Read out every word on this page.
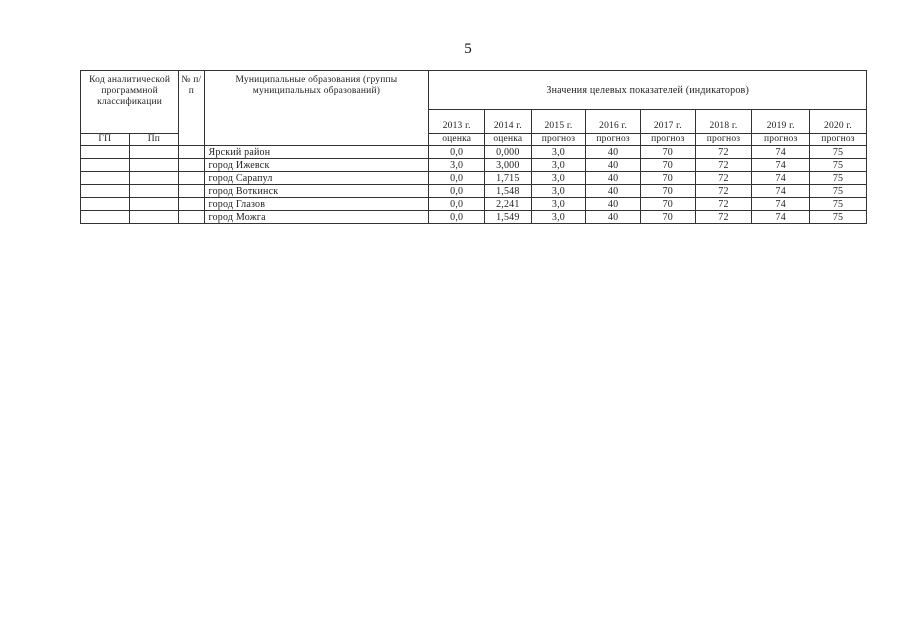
5
Код аналитической программной классификации		№ п/п	Муниципальные образования (группы муниципальных образований)	Значения целевых показателей (индикаторов)							
				2013 г.	2014 г.	2015 г.	2016 г.	2017 г.	2018 г.	2019 г.	2020 г.
ГП	Пп			оценка	оценка	прогноз	прогноз	прогноз	прогноз	прогноз	прогноз
			Ярский район	0,0	0,000	3,0	40	70	72	74	75
			город Ижевск	3,0	3,000	3,0	40	70	72	74	75
			город Сарапул	0,0	1,715	3,0	40	70	72	74	75
			город Воткинск	0,0	1,548	3,0	40	70	72	74	75
			город Глазов	0,0	2,241	3,0	40	70	72	74	75
			город Можга	0,0	1,549	3,0	40	70	72	74	75
